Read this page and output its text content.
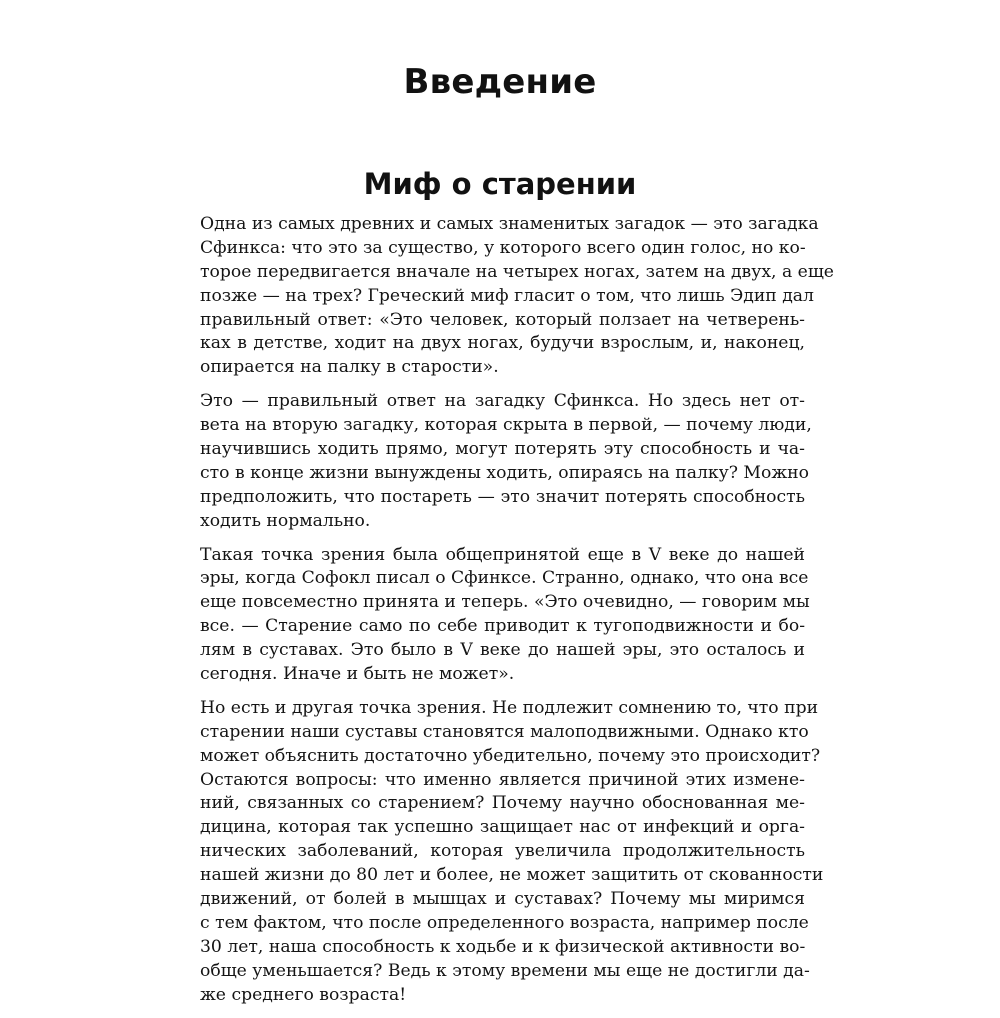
Введение
Миф о старении

Одна из самых древних и самых знаменитых загадок — это загадка
Сфинкса: что это за существо, у которого всего один голос, но ко-
торое передвигается вначале на четырех ногах, затем на двух, а еще
позже — на трех? Греческий миф гласит о том, что лишь Эдип дал
правильный ответ: «Это человек, который ползает на четверень-
ках в детстве, ходит на двух ногах, будучи взрослым, и, наконец,
опирается на палку в старости».

Это — правильный ответ на загадку Сфинкса. Но здесь нет от-
вета на вторую загадку, которая скрыта в первой, — почему люди,
научившись ходить прямо, могут потерять эту способность и ча-
сто в конце жизни вынуждены ходить, опираясь на палку? Можно
предположить, что постареть — это значит потерять способность
ходить нормально.

Такая точка зрения была общепринятой еще в V веке до нашей
эры, когда Софокл писал о Сфинксе. Странно, однако, что она все
еще повсеместно принята и теперь. «Это очевидно, — говорим мы
все. — Старение само по себе приводит к тугоподвижности и бо-
лям в суставах. Это было в V веке до нашей эры, это осталось и
сегодня. Иначе и быть не может».

Но есть и другая точка зрения. Не подлежит сомнению то, что при
старении наши суставы становятся малоподвижными. Однако кто
может объяснить достаточно убедительно, почему это происходит?
Остаются вопросы: что именно является причиной этих измене-
ний, связанных со старением? Почему научно обоснованная ме-
дицина, которая так успешно защищает нас от инфекций и орга-
нических заболеваний, которая увеличила продолжительность
нашей жизни до 80 лет и более, не может защитить от скованности
движений, от болей в мышцах и суставах? Почему мы миримся
с тем фактом, что после определенного возраста, например после
30 лет, наша способность к ходьбе и к физической активности во-
обще уменьшается? Ведь к этому времени мы еще не достигли да-
же среднего возраста!
